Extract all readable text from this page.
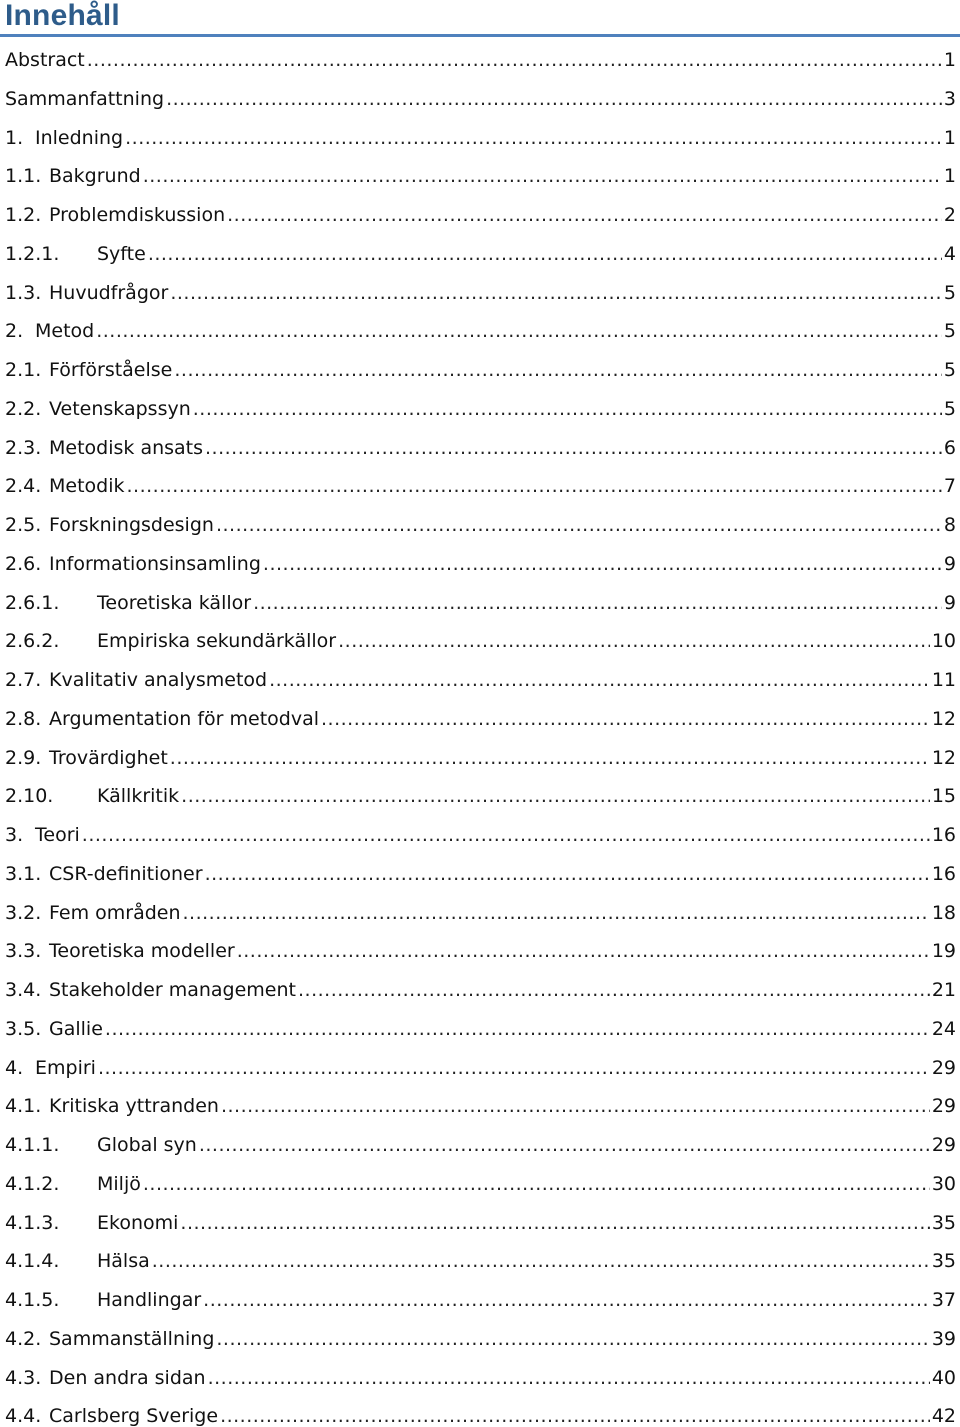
Innehåll
Abstract .....	1
Sammanfattning .....	3
1. Inledning .....	1
1.1. Bakgrund .....	1
1.2. Problemdiskussion .....	2
1.2.1.	Syfte .....	4
1.3. Huvudfrågor .....	5
2. Metod .....	5
2.1. Förförståelse .....	5
2.2. Vetenskapssyn .....	5
2.3. Metodisk ansats .....	6
2.4. Metodik .....	7
2.5. Forskningsdesign .....	8
2.6. Informationsinsamling .....	9
2.6.1.	Teoretiska källor .....	9
2.6.2.	Empiriska sekundärkällor .....	10
2.7. Kvalitativ analysmetod .....	11
2.8. Argumentation för metodval .....	12
2.9. Trovärdighet .....	12
2.10.	Källkritik .....	15
3. Teori .....	16
3.1. CSR-definitioner .....	16
3.2. Fem områden .....	18
3.3. Teoretiska modeller .....	19
3.4. Stakeholder management .....	21
3.5. Gallie .....	24
4. Empiri .....	29
4.1. Kritiska yttranden .....	29
4.1.1.	Global syn .....	29
4.1.2.	Miljö .....	30
4.1.3.	Ekonomi .....	35
4.1.4.	Hälsa .....	35
4.1.5.	Handlingar .....	37
4.2. Sammanställning .....	39
4.3. Den andra sidan .....	40
4.4. Carlsberg Sverige .....	42
